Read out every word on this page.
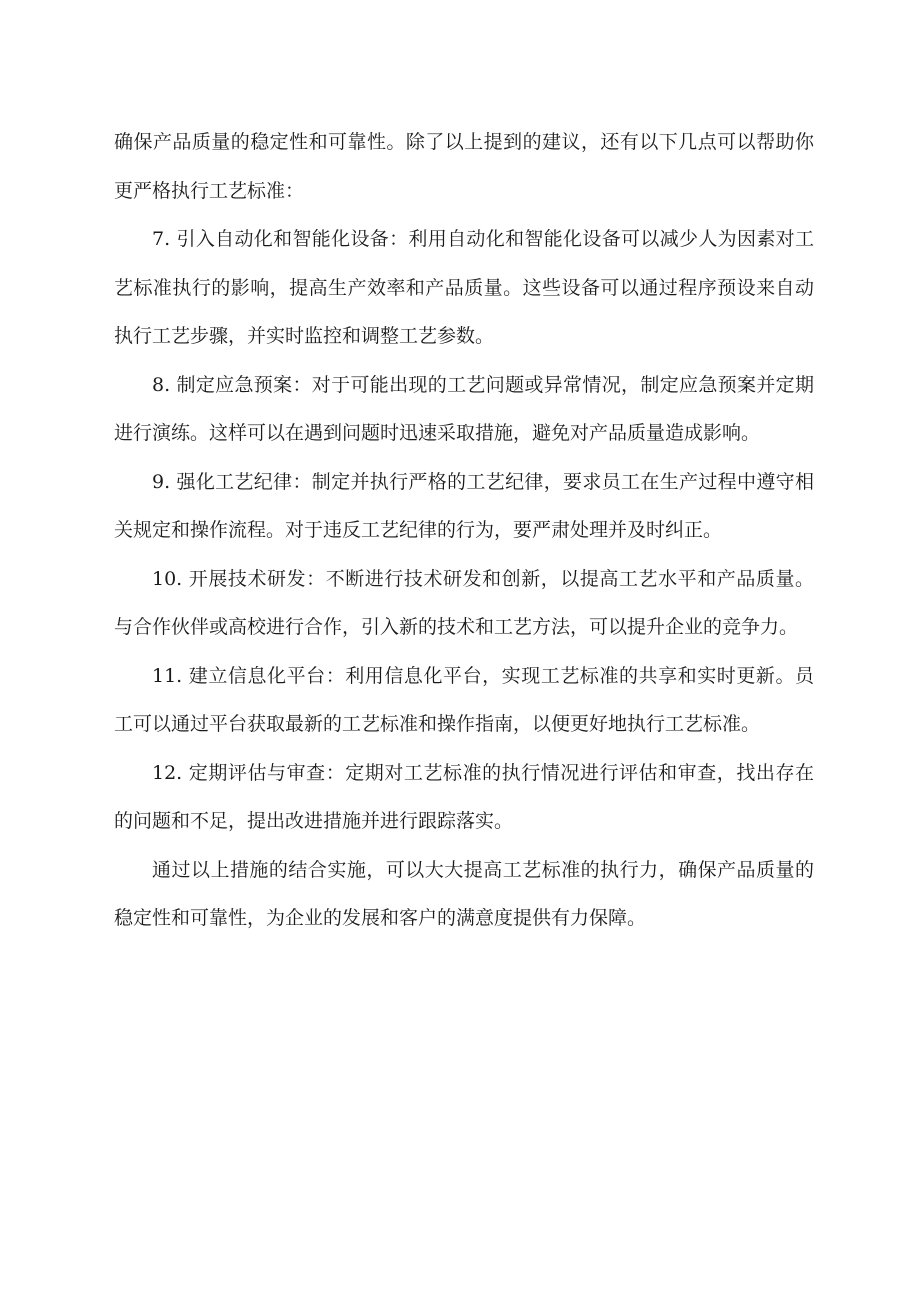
确保产品质量的稳定性和可靠性。除了以上提到的建议，还有以下几点可以帮助你更严格执行工艺标准：

7. 引入自动化和智能化设备：利用自动化和智能化设备可以减少人为因素对工艺标准执行的影响，提高生产效率和产品质量。这些设备可以通过程序预设来自动执行工艺步骤，并实时监控和调整工艺参数。

8. 制定应急预案：对于可能出现的工艺问题或异常情况，制定应急预案并定期进行演练。这样可以在遇到问题时迅速采取措施，避免对产品质量造成影响。

9. 强化工艺纪律：制定并执行严格的工艺纪律，要求员工在生产过程中遵守相关规定和操作流程。对于违反工艺纪律的行为，要严肃处理并及时纠正。

10. 开展技术研发：不断进行技术研发和创新，以提高工艺水平和产品质量。与合作伙伴或高校进行合作，引入新的技术和工艺方法，可以提升企业的竞争力。

11. 建立信息化平台：利用信息化平台，实现工艺标准的共享和实时更新。员工可以通过平台获取最新的工艺标准和操作指南，以便更好地执行工艺标准。

12. 定期评估与审查：定期对工艺标准的执行情况进行评估和审查，找出存在的问题和不足，提出改进措施并进行跟踪落实。

通过以上措施的结合实施，可以大大提高工艺标准的执行力，确保产品质量的稳定性和可靠性，为企业的发展和客户的满意度提供有力保障。
